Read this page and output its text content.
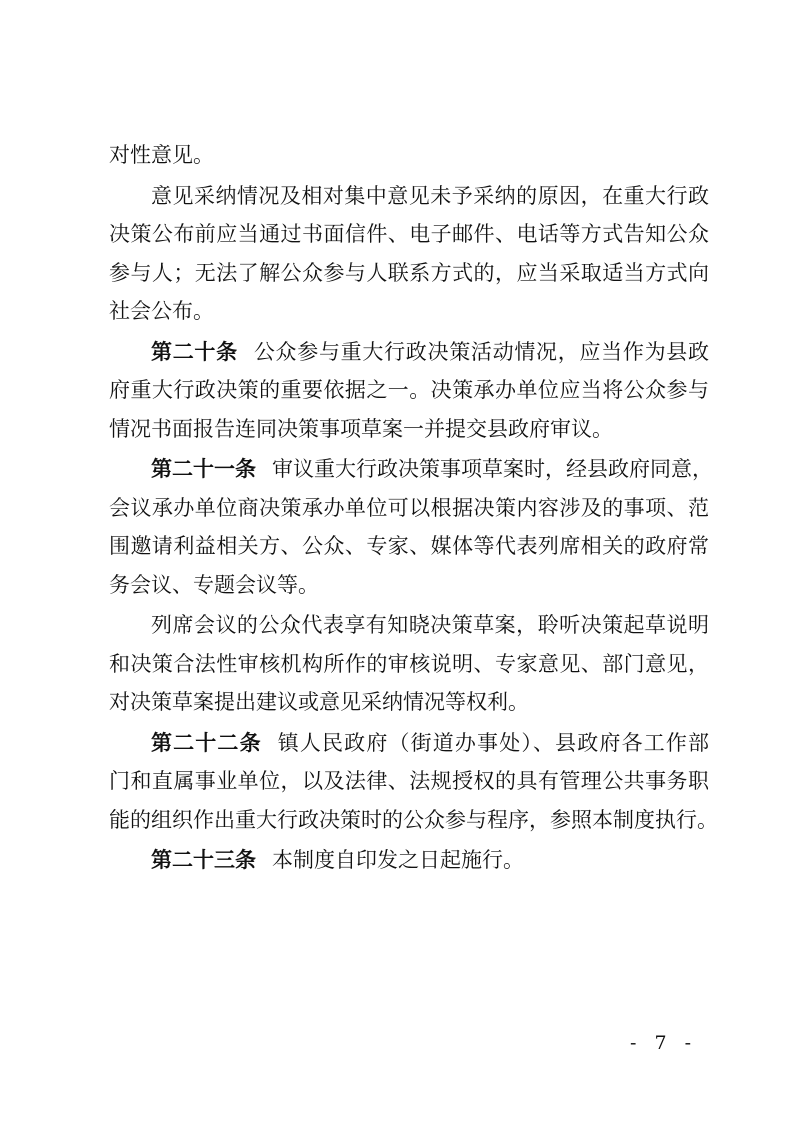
对性意见。
意见采纳情况及相对集中意见未予采纳的原因，在重大行政
决策公布前应当通过书面信件、电子邮件、电话等方式告知公众
参与人；无法了解公众参与人联系方式的，应当采取适当方式向
社会公布。
第二十条 公众参与重大行政决策活动情况，应当作为县政
府重大行政决策的重要依据之一。决策承办单位应当将公众参与
情况书面报告连同决策事项草案一并提交县政府审议。
第二十一条 审议重大行政决策事项草案时，经县政府同意，
会议承办单位商决策承办单位可以根据决策内容涉及的事项、范
围邀请利益相关方、公众、专家、媒体等代表列席相关的政府常
务会议、专题会议等。
列席会议的公众代表享有知晓决策草案，聆听决策起草说明
和决策合法性审核机构所作的审核说明、专家意见、部门意见，
对决策草案提出建议或意见采纳情况等权利。
第二十二条 镇人民政府（街道办事处）、县政府各工作部
门和直属事业单位，以及法律、法规授权的具有管理公共事务职
能的组织作出重大行政决策时的公众参与程序，参照本制度执行。
第二十三条 本制度自印发之日起施行。
- 7 -
